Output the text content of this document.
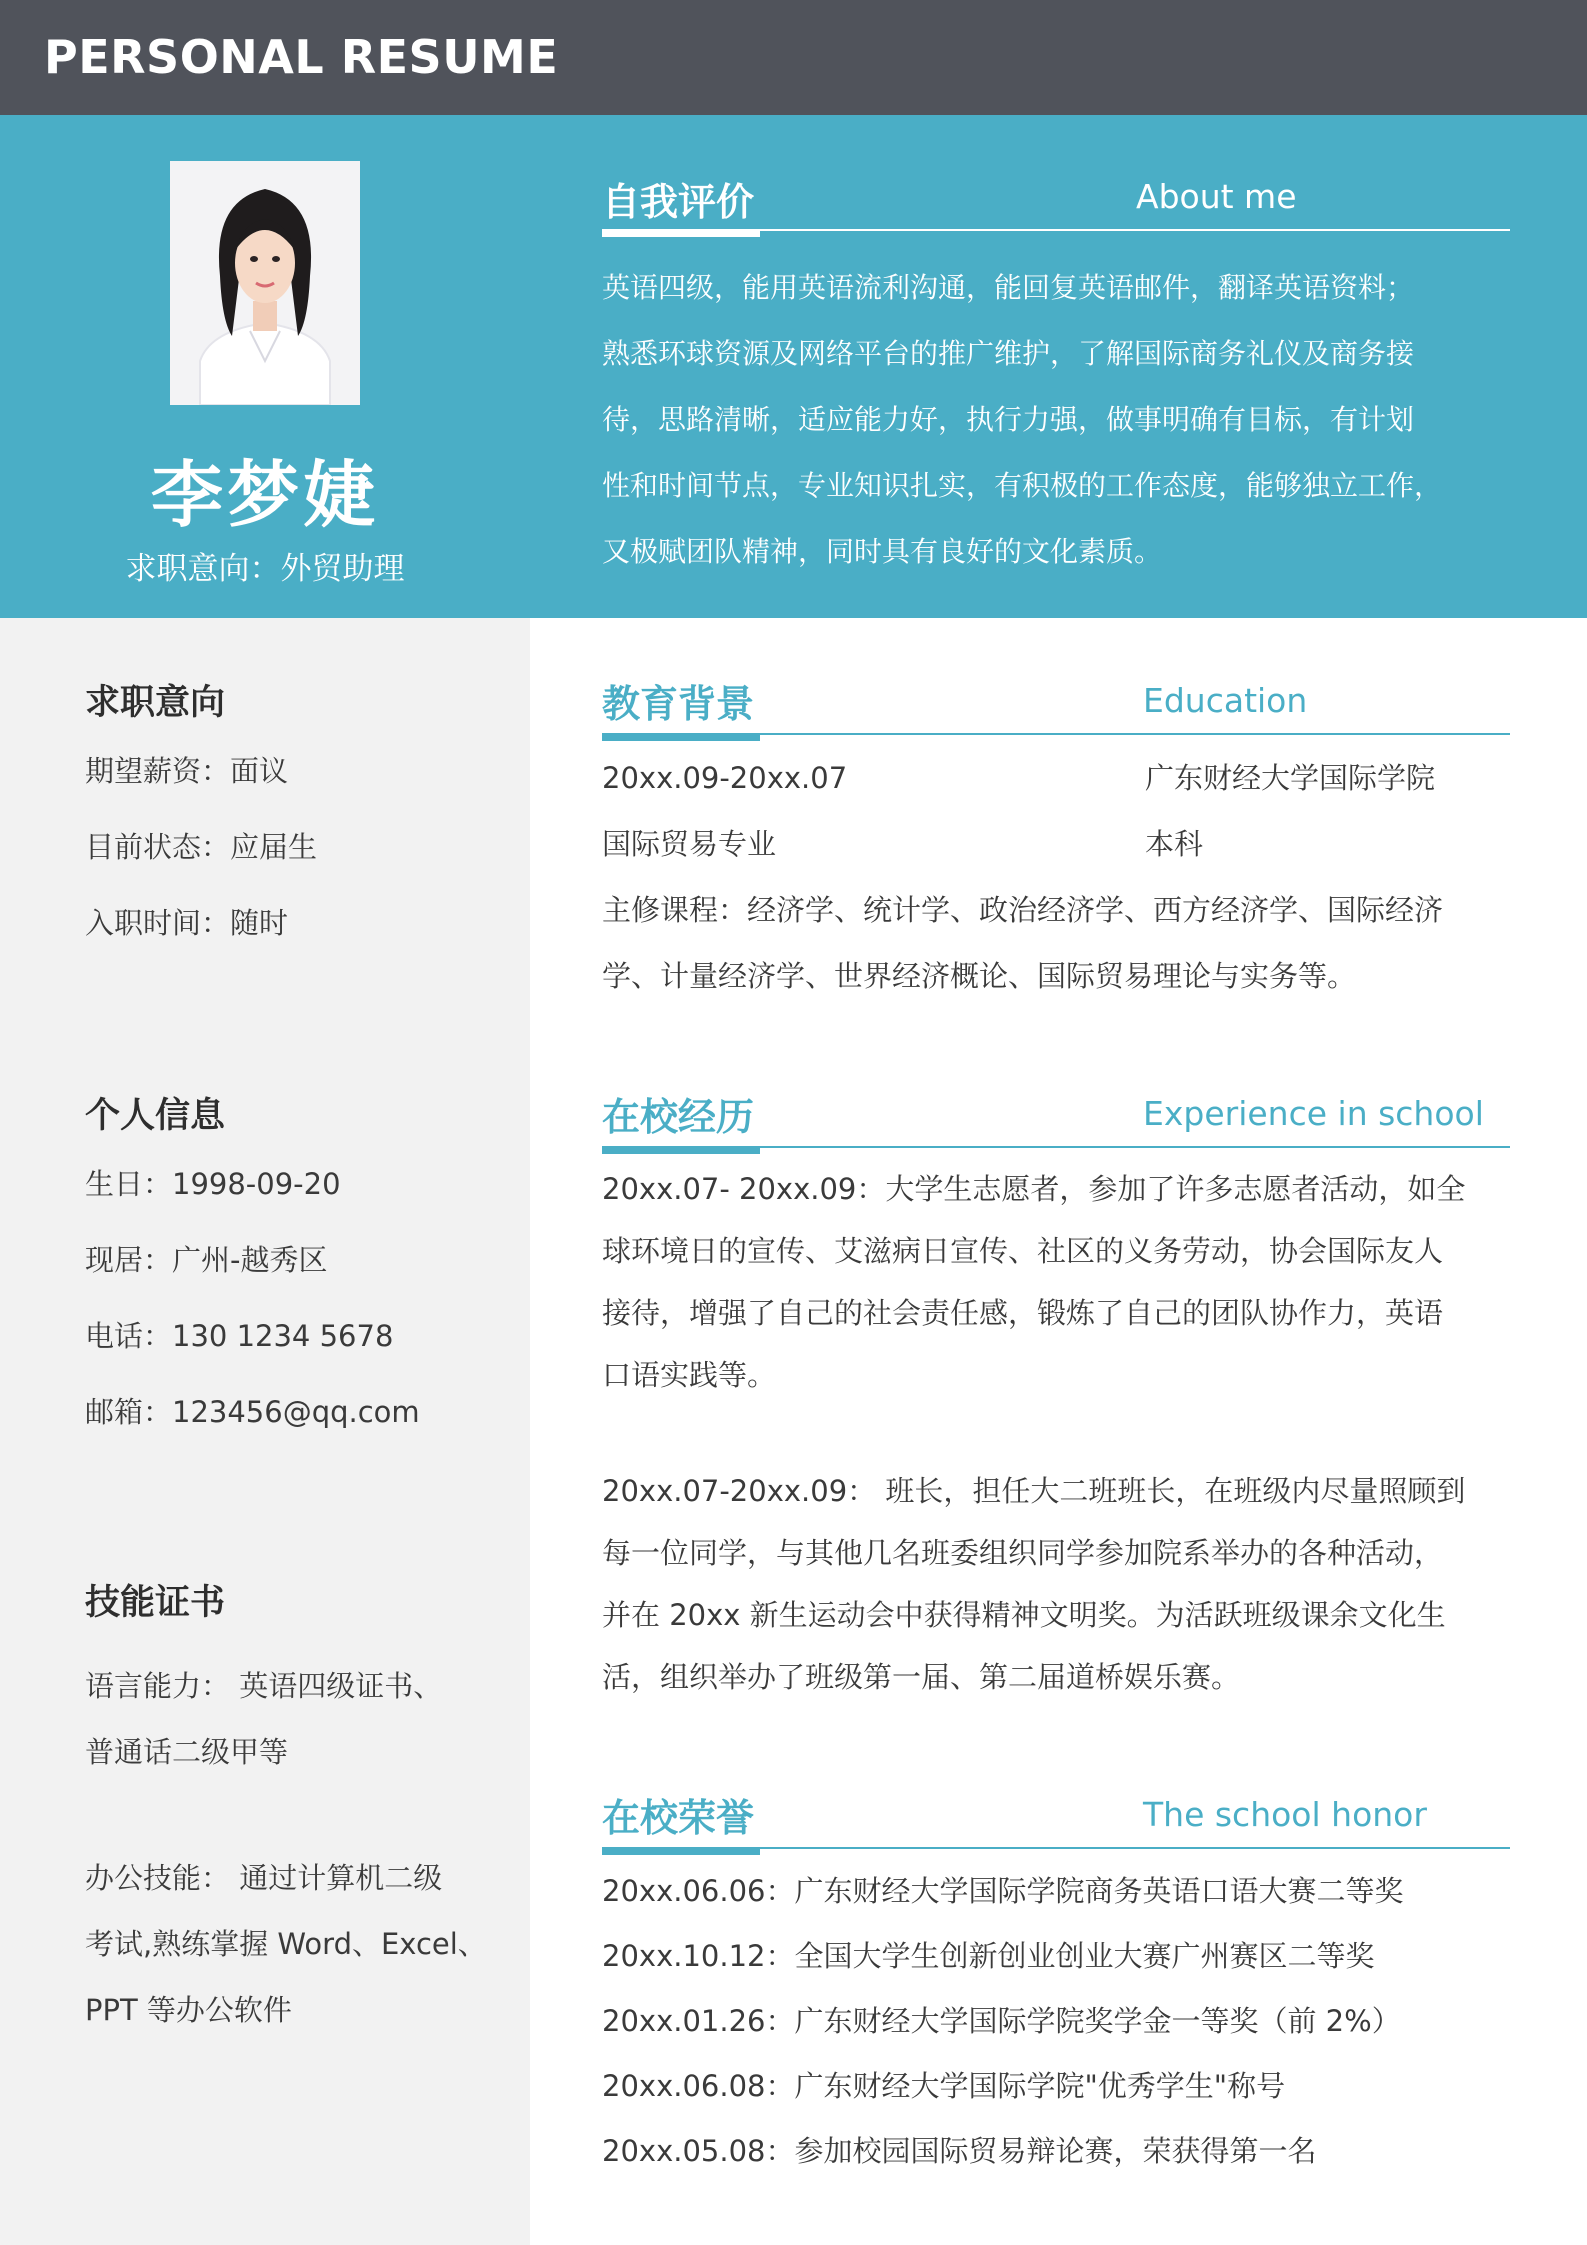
PERSONAL RESUME
李梦婕
求职意向：外贸助理
自我评价	About me
英语四级，能用英语流利沟通，能回复英语邮件，翻译英语资料；
熟悉环球资源及网络平台的推广维护，了解国际商务礼仪及商务接
待，思路清晰，适应能力好，执行力强，做事明确有目标，有计划
性和时间节点，专业知识扎实，有积极的工作态度，能够独立工作，
又极赋团队精神，同时具有良好的文化素质。
求职意向
期望薪资：面议
目前状态：应届生
入职时间：随时
个人信息
生日：1998-09-20
现居：广州-越秀区
电话：130 1234 5678
邮箱：123456@qq.com
技能证书
语言能力： 英语四级证书、
普通话二级甲等
办公技能： 通过计算机二级
考试,熟练掌握 Word、Excel、
PPT 等办公软件
教育背景	Education
20xx.09-20xx.07	广东财经大学国际学院
国际贸易专业	本科
主修课程：经济学、统计学、政治经济学、西方经济学、国际经济
学、计量经济学、世界经济概论、国际贸易理论与实务等。
在校经历	Experience in school
20xx.07- 20xx.09：大学生志愿者，参加了许多志愿者活动，如全
球环境日的宣传、艾滋病日宣传、社区的义务劳动，协会国际友人
接待，增强了自己的社会责任感，锻炼了自己的团队协作力，英语
口语实践等。
20xx.07-20xx.09： 班长，担任大二班班长，在班级内尽量照顾到
每一位同学，与其他几名班委组织同学参加院系举办的各种活动，
并在 20xx 新生运动会中获得精神文明奖。为活跃班级课余文化生
活，组织举办了班级第一届、第二届道桥娱乐赛。
在校荣誉	The school honor
20xx.06.06：广东财经大学国际学院商务英语口语大赛二等奖
20xx.10.12：全国大学生创新创业创业大赛广州赛区二等奖
20xx.01.26：广东财经大学国际学院奖学金一等奖（前 2%）
20xx.06.08：广东财经大学国际学院"优秀学生"称号
20xx.05.08：参加校园国际贸易辩论赛，荣获得第一名
